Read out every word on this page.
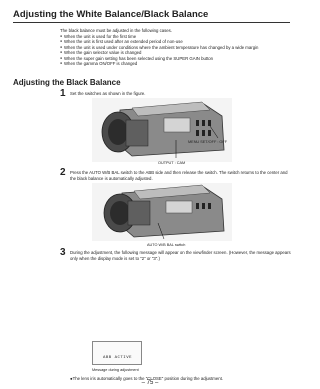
Adjusting the White Balance/Black Balance

The black balance must be adjusted in the following cases.

● When the unit is used for the first time
● When the unit is first used after an extended period of non-use
● When the unit is used under conditions where the ambient temperature has changed by a wide margin
● When the gain selector value is changed
● When the super gain setting has been selected using the SUPER GAIN button
● When the gamma ON/OFF is changed
Adjusting the Black Balance
1 Set the switches as shown in the figure.
MENU SET/OFF : OFF
OUTPUT : CAM
2 Press the AUTO W/B BAL switch to the ABB side and then release the switch. The switch returns to the center and the black balance is automatically adjusted.
AUTO W/B BAL switch
3 During the adjustment, the following message will appear on the viewfinder screen. (However, the message appears only when the display mode is set to "2" or "3".)
ABB ACTIVE
Message during adjustment
●The lens iris automatically goes to the "CLOSE" position during the adjustment.
– 75 –
